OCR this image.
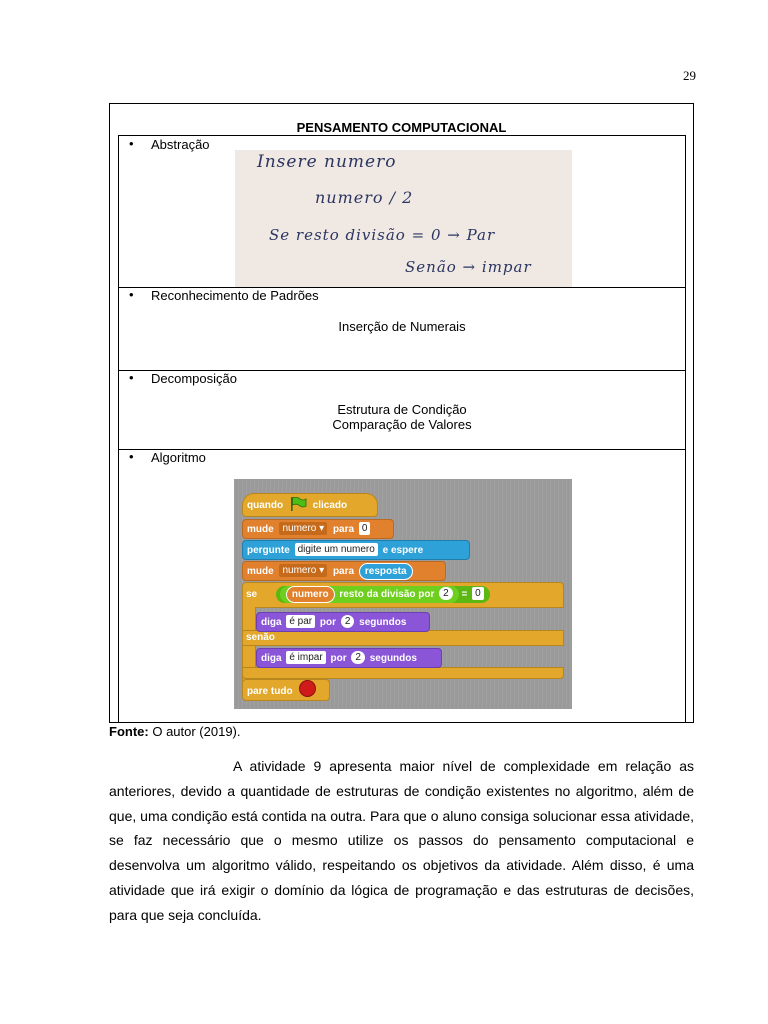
29
PENSAMENTO COMPUTACIONAL
• Abstração
Insere numero
numero / 2
Se resto divisão = 0 → Par
Senão → impar
• Reconhecimento de Padrões
Inserção de Numerais
• Decomposição
Estrutura de Condição
Comparação de Valores
• Algoritmo
quando	clicado
mude numero ▾ para 0
pergunte digite um numero e espere
mude numero ▾ para resposta
se	numero resto da divisão por 2 = 0
diga é par por 2 segundos
senão
diga é impar por 2 segundos
pare tudo
Fonte: O autor (2019).
A atividade 9 apresenta maior nível de complexidade em relação as anteriores, devido a quantidade de estruturas de condição existentes no algoritmo, além de que, uma condição está contida na outra. Para que o aluno consiga solucionar essa atividade, se faz necessário que o mesmo utilize os passos do pensamento computacional e desenvolva um algoritmo válido, respeitando os objetivos da atividade. Além disso, é uma atividade que irá exigir o domínio da lógica de programação e das estruturas de decisões, para que seja concluída.
